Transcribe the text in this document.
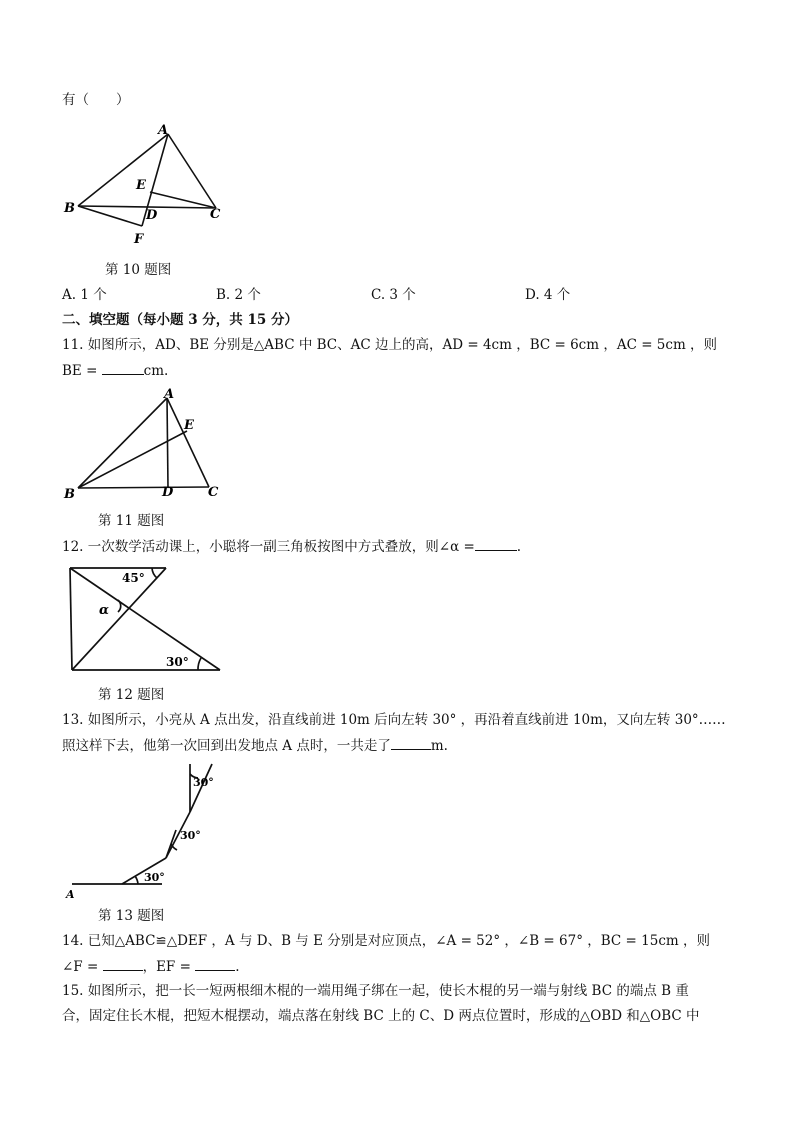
有（　　）
A
B	C
D
E
F
第 10 题图
A. 1 个	B. 2 个	C. 3 个	D. 4 个
二、填空题（每小题 3 分，共 15 分）
11. 如图所示，AD、BE 分别是△ABC 中 BC、AC 边上的高，AD = 4cm ，BC = 6cm ，AC = 5cm ，则
BE =	cm.
A
B	C
D
E
第 11 题图
12. 一次数学活动课上，小聪将一副三角板按图中方式叠放，则∠α =	.
45°
α
30°
第 12 题图
13. 如图所示，小亮从 A 点出发，沿直线前进 10m 后向左转 30° ，再沿着直线前进 10m，又向左转 30°……
照这样下去，他第一次回到出发地点 A 点时，一共走了	m.
30°
30°
30°
A
第 13 题图
14. 已知△ABC≌△DEF ，A 与 D、B 与 E 分别是对应顶点，∠A = 52° ，∠B = 67° ，BC = 15cm ，则
∠F =	，EF =	.
15. 如图所示，把一长一短两根细木棍的一端用绳子绑在一起，使长木棍的另一端与射线 BC 的端点 B 重
合，固定住长木棍，把短木棍摆动，端点落在射线 BC 上的 C、D 两点位置时，形成的△OBD 和△OBC 中
